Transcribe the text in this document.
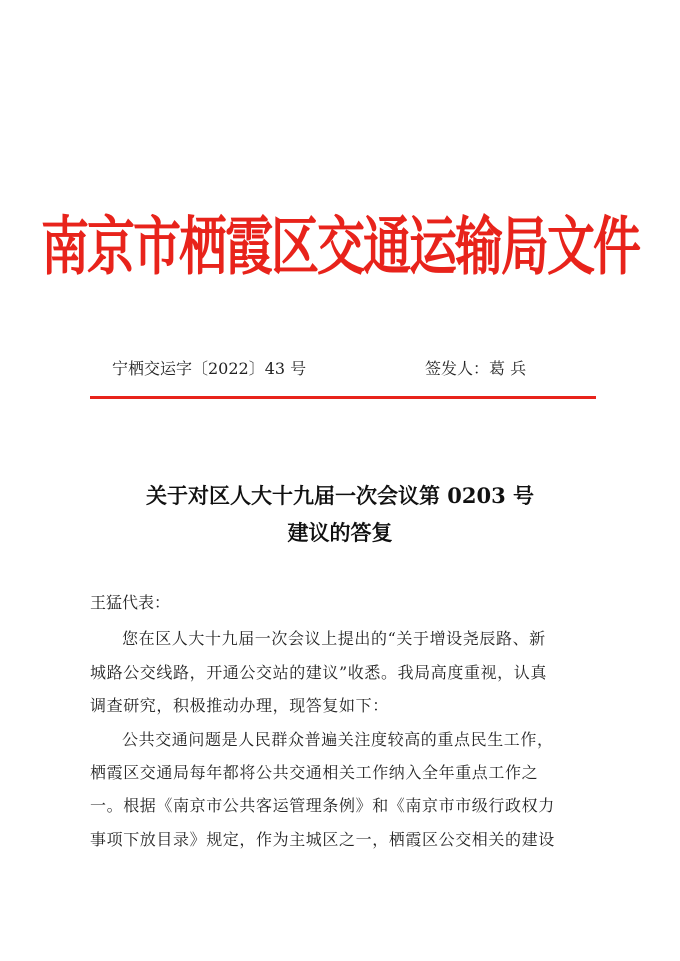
南京市栖霞区交通运输局文件
宁栖交运字〔2022〕43 号	签发人：葛 兵
关于对区人大十九届一次会议第 0203 号
建议的答复
王猛代表：
您在区人大十九届一次会议上提出的“关于增设尧辰路、新
城路公交线路，开通公交站的建议”收悉。我局高度重视，认真
调查研究，积极推动办理，现答复如下：
公共交通问题是人民群众普遍关注度较高的重点民生工作，
栖霞区交通局每年都将公共交通相关工作纳入全年重点工作之
一。根据《南京市公共客运管理条例》和《南京市市级行政权力
事项下放目录》规定，作为主城区之一，栖霞区公交相关的建设
